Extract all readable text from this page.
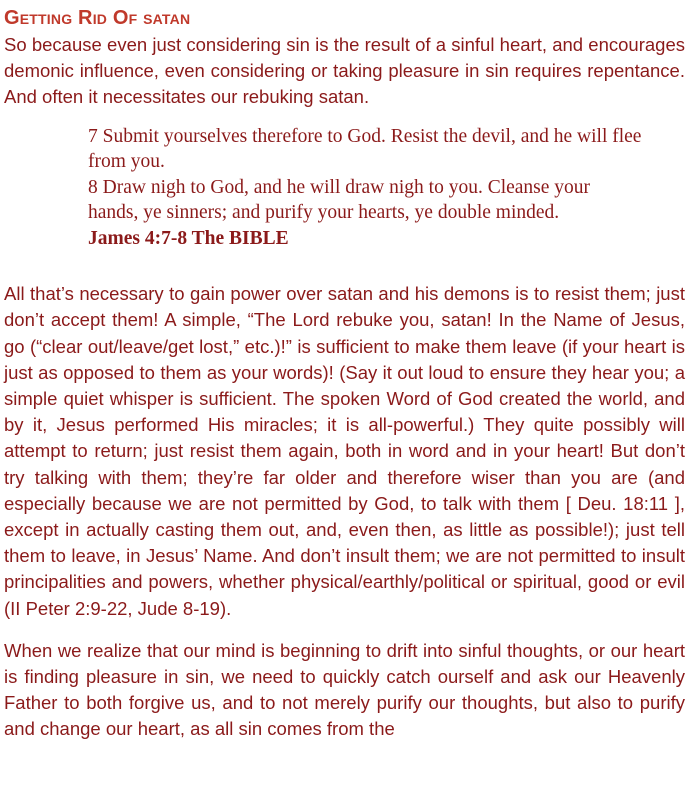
Getting Rid Of satan

So because even just considering sin is the result of a sinful heart, and encourages demonic influence, even considering or taking pleasure in sin requires repentance. And often it necessitates our rebuking satan.

7 Submit yourselves therefore to God. Resist the devil, and he will flee from you.

8 Draw nigh to God, and he will draw nigh to you. Cleanse your hands, ye sinners; and purify your hearts, ye double minded.

James 4:7-8 The BIBLE

All that’s necessary to gain power over satan and his demons is to resist them; just don’t accept them! A simple, “The Lord rebuke you, satan! In the Name of Jesus, go (“clear out/leave/get lost,” etc.)!” is sufficient to make them leave (if your heart is just as opposed to them as your words)! (Say it out loud to ensure they hear you; a simple quiet whisper is sufficient. The spoken Word of God created the world, and by it, Jesus performed His miracles; it is all-powerful.) They quite possibly will attempt to return; just resist them again, both in word and in your heart! But don’t try talking with them; they’re far older and therefore wiser than you are (and especially because we are not permitted by God, to talk with them [ Deu. 18:11 ], except in actually casting them out, and, even then, as little as possible!); just tell them to leave, in Jesus’ Name. And don’t insult them; we are not permitted to insult principalities and powers, whether physical/earthly/political or spiritual, good or evil (II Peter 2:9-22, Jude 8-19).

When we realize that our mind is beginning to drift into sinful thoughts, or our heart is finding pleasure in sin, we need to quickly catch ourself and ask our Heavenly Father to both forgive us, and to not merely purify our thoughts, but also to purify and change our heart, as all sin comes from the
